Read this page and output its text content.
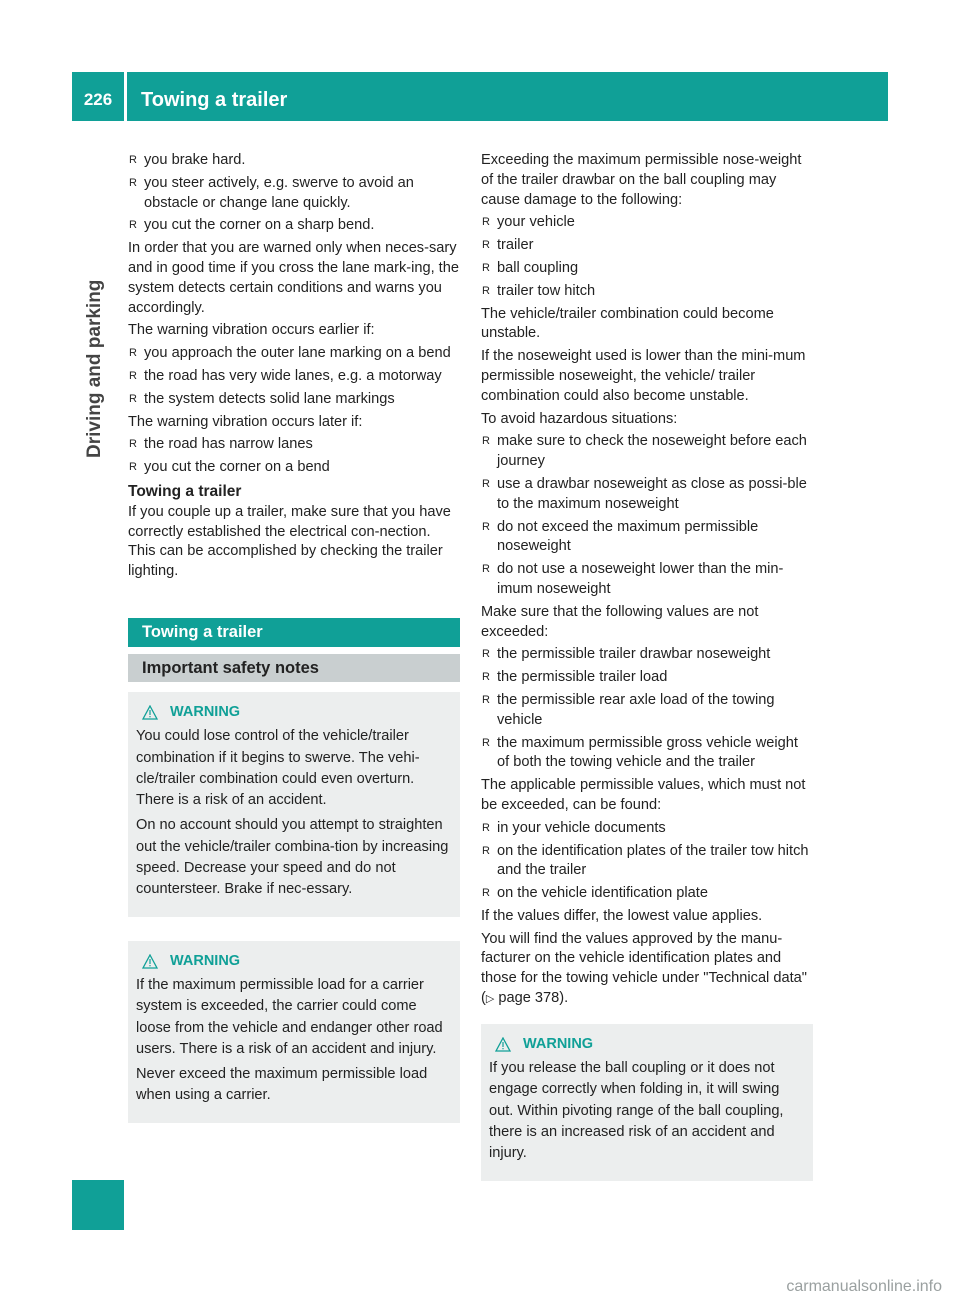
226	Towing a trailer
Driving and parking
R you brake hard.
R you steer actively, e.g. swerve to avoid an obstacle or change lane quickly.
R you cut the corner on a sharp bend.

In order that you are warned only when neces-sary and in good time if you cross the lane mark-ing, the system detects certain conditions and warns you accordingly.

The warning vibration occurs earlier if:

R you approach the outer lane marking on a bend
R the road has very wide lanes, e.g. a motorway
R the system detects solid lane markings

The warning vibration occurs later if:

R the road has narrow lanes
R you cut the corner on a bend
Towing a trailer

If you couple up a trailer, make sure that you have correctly established the electrical con-nection. This can be accomplished by checking the trailer lighting.

Towing a trailer
Important safety notes
WARNING

You could lose control of the vehicle/trailer combination if it begins to swerve. The vehi-cle/trailer combination could even overturn. There is a risk of an accident.

On no account should you attempt to straighten out the vehicle/trailer combina-tion by increasing speed. Decrease your speed and do not countersteer. Brake if nec-essary.

WARNING

If the maximum permissible load for a carrier system is exceeded, the carrier could come loose from the vehicle and endanger other road users. There is a risk of an accident and injury.

Never exceed the maximum permissible load when using a carrier.

Exceeding the maximum permissible nose-weight of the trailer drawbar on the ball coupling may cause damage to the following:

R your vehicle
R trailer
R ball coupling
R trailer tow hitch

The vehicle/trailer combination could become unstable.

If the noseweight used is lower than the mini-mum permissible noseweight, the vehicle/ trailer combination could also become unstable.

To avoid hazardous situations:

R make sure to check the noseweight before each journey
R use a drawbar noseweight as close as possi-ble to the maximum noseweight
R do not exceed the maximum permissible noseweight
R do not use a noseweight lower than the min-imum noseweight

Make sure that the following values are not exceeded:

R the permissible trailer drawbar noseweight
R the permissible trailer load
R the permissible rear axle load of the towing vehicle
R the maximum permissible gross vehicle weight of both the towing vehicle and the trailer

The applicable permissible values, which must not be exceeded, can be found:

R in your vehicle documents
R on the identification plates of the trailer tow hitch and the trailer
R on the vehicle identification plate

If the values differ, the lowest value applies.

You will find the values approved by the manu-facturer on the vehicle identification plates and those for the towing vehicle under "Technical data" (▷ page 378).

WARNING

If you release the ball coupling or it does not engage correctly when folding in, it will swing out. Within pivoting range of the ball coupling, there is an increased risk of an accident and injury.

carmanualsonline.info
